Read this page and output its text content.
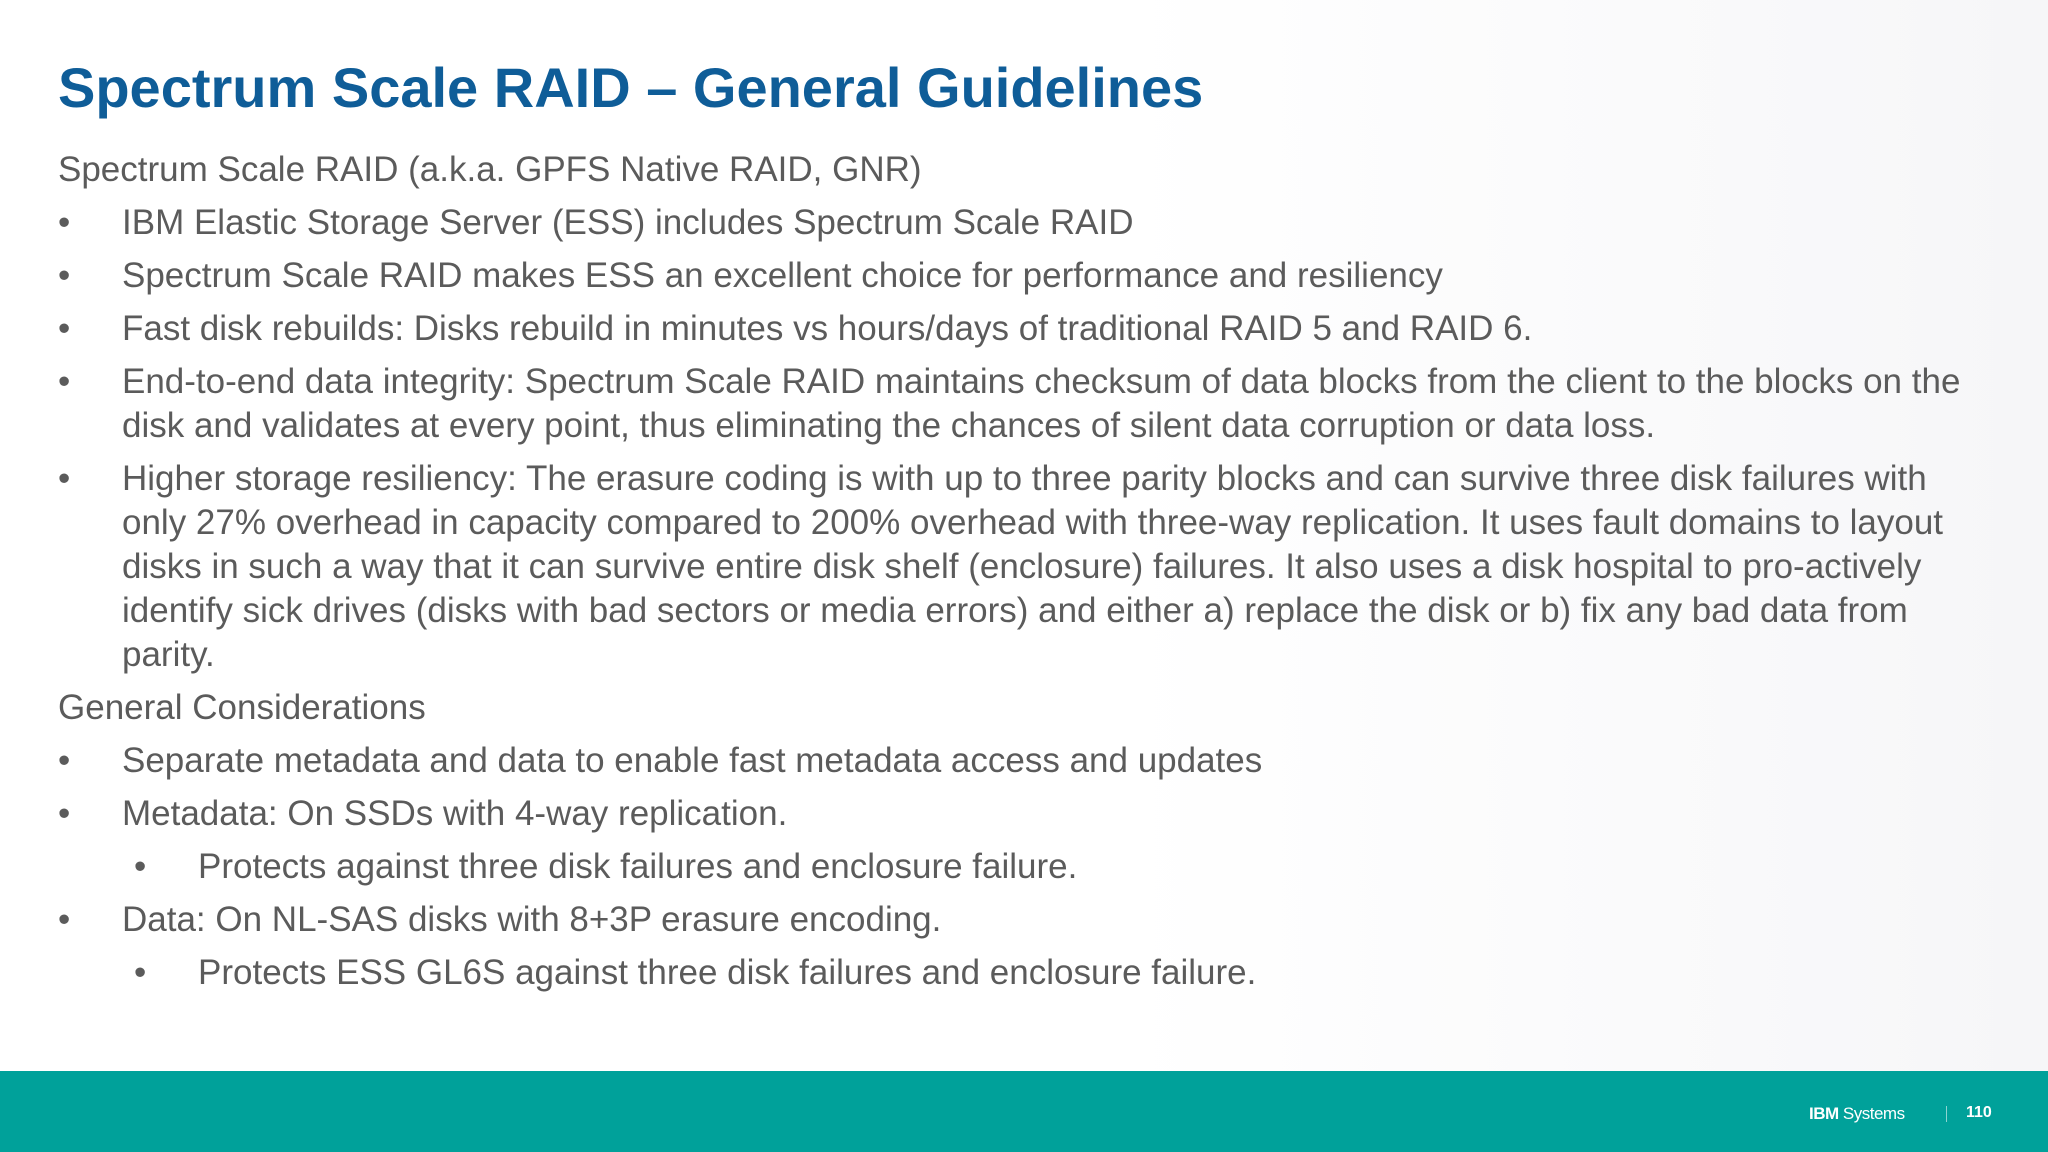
Spectrum Scale RAID – General Guidelines

Spectrum Scale RAID (a.k.a. GPFS Native RAID, GNR)

• IBM Elastic Storage Server (ESS) includes Spectrum Scale RAID
• Spectrum Scale RAID makes ESS an excellent choice for performance and resiliency
• Fast disk rebuilds: Disks rebuild in minutes vs hours/days of traditional RAID 5 and RAID 6.
• End-to-end data integrity: Spectrum Scale RAID maintains checksum of data blocks from the client to the blocks on the disk and validates at every point, thus eliminating the chances of silent data corruption or data loss.
• Higher storage resiliency: The erasure coding is with up to three parity blocks and can survive three disk failures with only 27% overhead in capacity compared to 200% overhead with three-way replication. It uses fault domains to layout disks in such a way that it can survive entire disk shelf (enclosure) failures. It also uses a disk hospital to pro-actively identify sick drives (disks with bad sectors or media errors) and either a) replace the disk or b) fix any bad data from parity.

General Considerations

• Separate metadata and data to enable fast metadata access and updates
• Metadata: On SSDs with 4-way replication.
• Protects against three disk failures and enclosure failure.
• Data: On NL-SAS disks with 8+3P erasure encoding.
• Protects ESS GL6S against three disk failures and enclosure failure.
IBM Systems	110
